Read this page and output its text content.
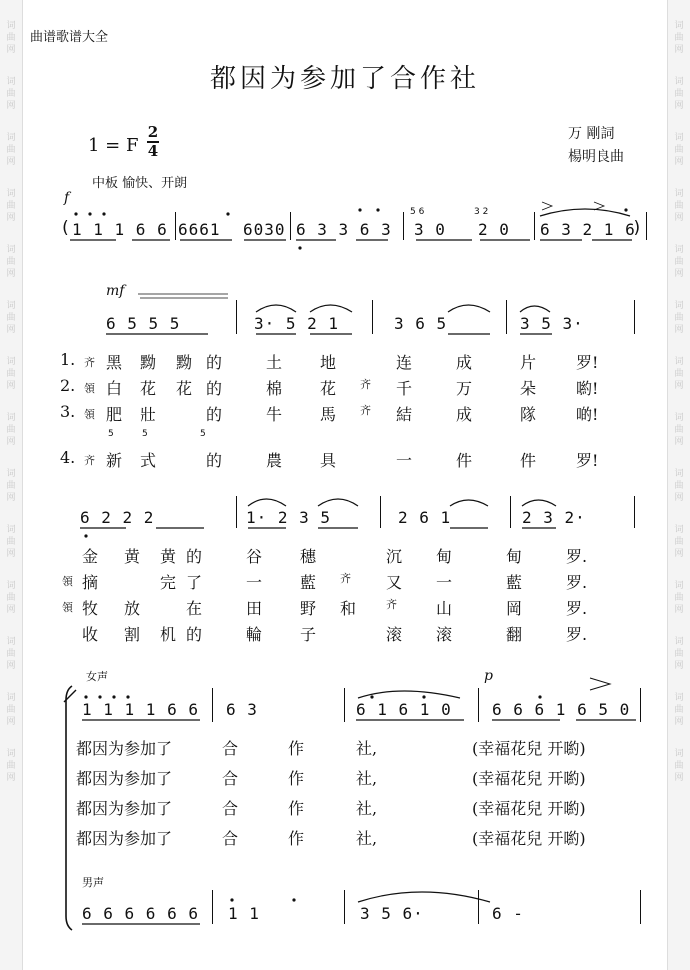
词
曲
网
词
曲
网
词
曲
网
词
曲
网
词
曲
网
词
曲
网
词
曲
网
词
曲
网
词
曲
网
词
曲
网
词
曲
网
词
曲
网
词
曲
网
词
曲
网
词
曲
网
词
曲
网
词
曲
网
词
曲
网
词
曲
网
词
曲
网
词
曲
网
词
曲
网
词
曲
网
词
曲
网
词
曲
网
词
曲
网
词
曲
网
词
曲
网
曲谱歌谱大全
都因为参加了合作社
1 = F
2
4
万 剛詞
楊明良曲
中板 愉快、开朗
f
( 1 1 1 6 6 6661 6030 6 3 3 6 3
5 6	3 2
3 0 2 0 6 3 2 1 6
)
mf
6 5 5 5	3· 5 2 1	3 6 5	3 5 3·
5	5	5
1. 齐 黑 黝 黝 的	土 地	连	成	片 罗!
2. 領 白 花 花 的	棉 花 齐 千	万	朵 喲!
3. 領 肥 壯	的	牛 馬 齐 結	成	隊 啲!
4. 齐 新 式	的	農 具	一	件	件 罗!
6 2 2 2	1· 2 3 5	2 6 1	2 3 2·
金 黄 黄 的	谷 穗	沉 甸	甸	罗.
領 摘	完 了	一 藍 齐 又 一	藍	罗.
領 牧 放	在	田 野 和	齐 山	岡	罗.
收 割 机 的	輪 子	滚 滚	翻	罗.
女声	p
1 1 1 1 6 6 6 3	6 1 6 1 0	6 6 6 1 6 5 0
都因为参加了	合	作	社,	(幸福花兒 开喲)
都因为参加了	合	作	社,	(幸福花兒 开喲)
都因为参加了	合	作	社,	(幸福花兒 开喲)
都因为参加了	合	作	社,	(幸福花兒 开喲)
男声
6 6 6 6 6 6 1 1	3 5 6·	6 -
